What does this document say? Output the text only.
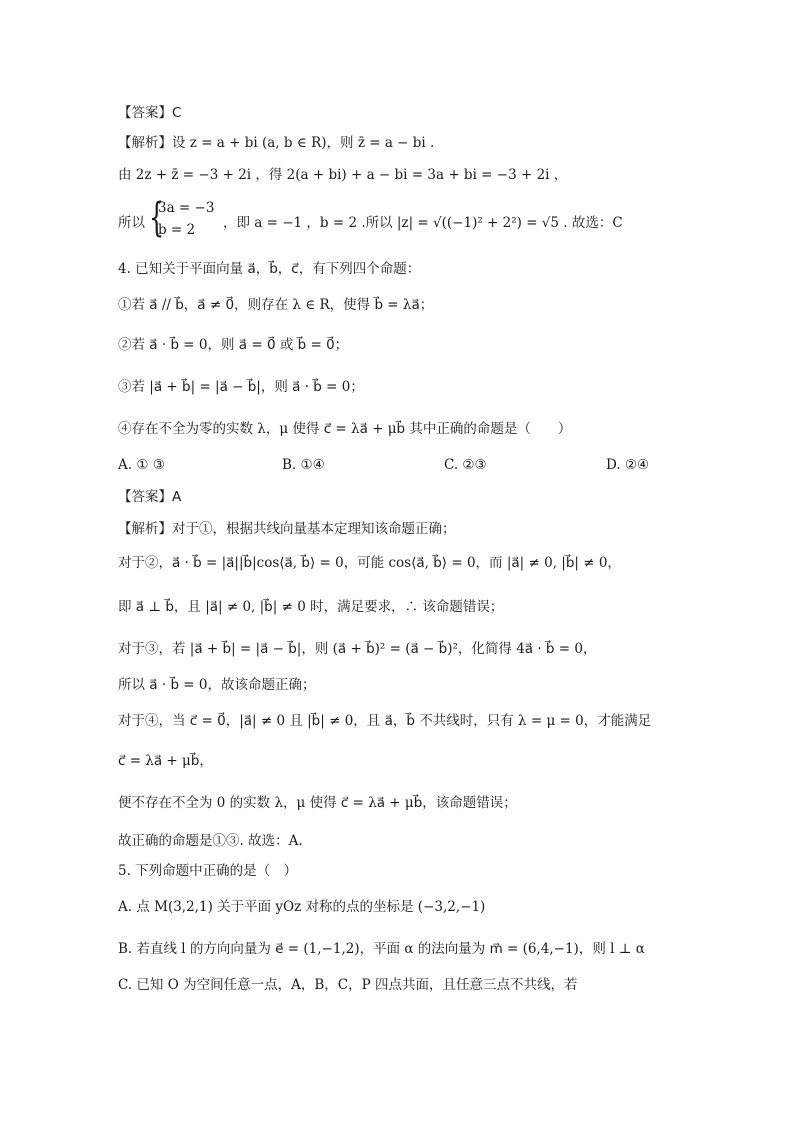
【答案】C
【解析】设 z = a + bi (a, b ∈ R)，则 z̄ = a − bi .
由 2z + z̄ = −3 + 2i ，得 2(a + bi) + a − bi = 3a + bi = −3 + 2i ，
所以 {
3a = −3
b = 2 ，即 a = −1 ，b = 2 .所以 |z| = √((−1)² + 2²) = √5 . 故选：C
4. 已知关于平面向量 a⃗，b⃗，c⃗，有下列四个命题：
①若 a⃗ // b⃗，a⃗ ≠ 0⃗，则存在 λ ∈ R，使得 b⃗ = λa⃗；
②若 a⃗ · b⃗ = 0，则 a⃗ = 0⃗ 或 b⃗ = 0⃗；
③若 |a⃗ + b⃗| = |a⃗ − b⃗|，则 a⃗ · b⃗ = 0；
④存在不全为零的实数 λ，μ 使得 c⃗ = λa⃗ + μb⃗ 其中正确的命题是（　　）
A. ① ③	B. ①④	C. ②③	D. ②④
【答案】A
【解析】对于①，根据共线向量基本定理知该命题正确；
对于②，a⃗ · b⃗ = |a⃗||b⃗|cos⟨a⃗, b⃗⟩ = 0，可能 cos⟨a⃗, b⃗⟩ = 0，而 |a⃗| ≠ 0, |b⃗| ≠ 0，
即 a⃗ ⊥ b⃗，且 |a⃗| ≠ 0, |b⃗| ≠ 0 时，满足要求，∴ 该命题错误；
对于③，若 |a⃗ + b⃗| = |a⃗ − b⃗|，则 (a⃗ + b⃗)² = (a⃗ − b⃗)²，化简得 4a⃗ · b⃗ = 0，
所以 a⃗ · b⃗ = 0，故该命题正确；
对于④，当 c⃗ = 0⃗，|a⃗| ≠ 0 且 |b⃗| ≠ 0，且 a⃗，b⃗ 不共线时，只有 λ = μ = 0，才能满足
c⃗ = λa⃗ + μb⃗，
便不存在不全为 0 的实数 λ，μ 使得 c⃗ = λa⃗ + μb⃗，该命题错误；
故正确的命题是①③. 故选：A.
5. 下列命题中正确的是（　）
A. 点 M(3,2,1) 关于平面 yOz 对称的点的坐标是 (−3,2,−1)
B. 若直线 l 的方向向量为 e⃗ = (1,−1,2)，平面 α 的法向量为 m⃗ = (6,4,−1)，则 l ⊥ α
C. 已知 O 为空间任意一点，A，B，C，P 四点共面，且任意三点不共线，若
